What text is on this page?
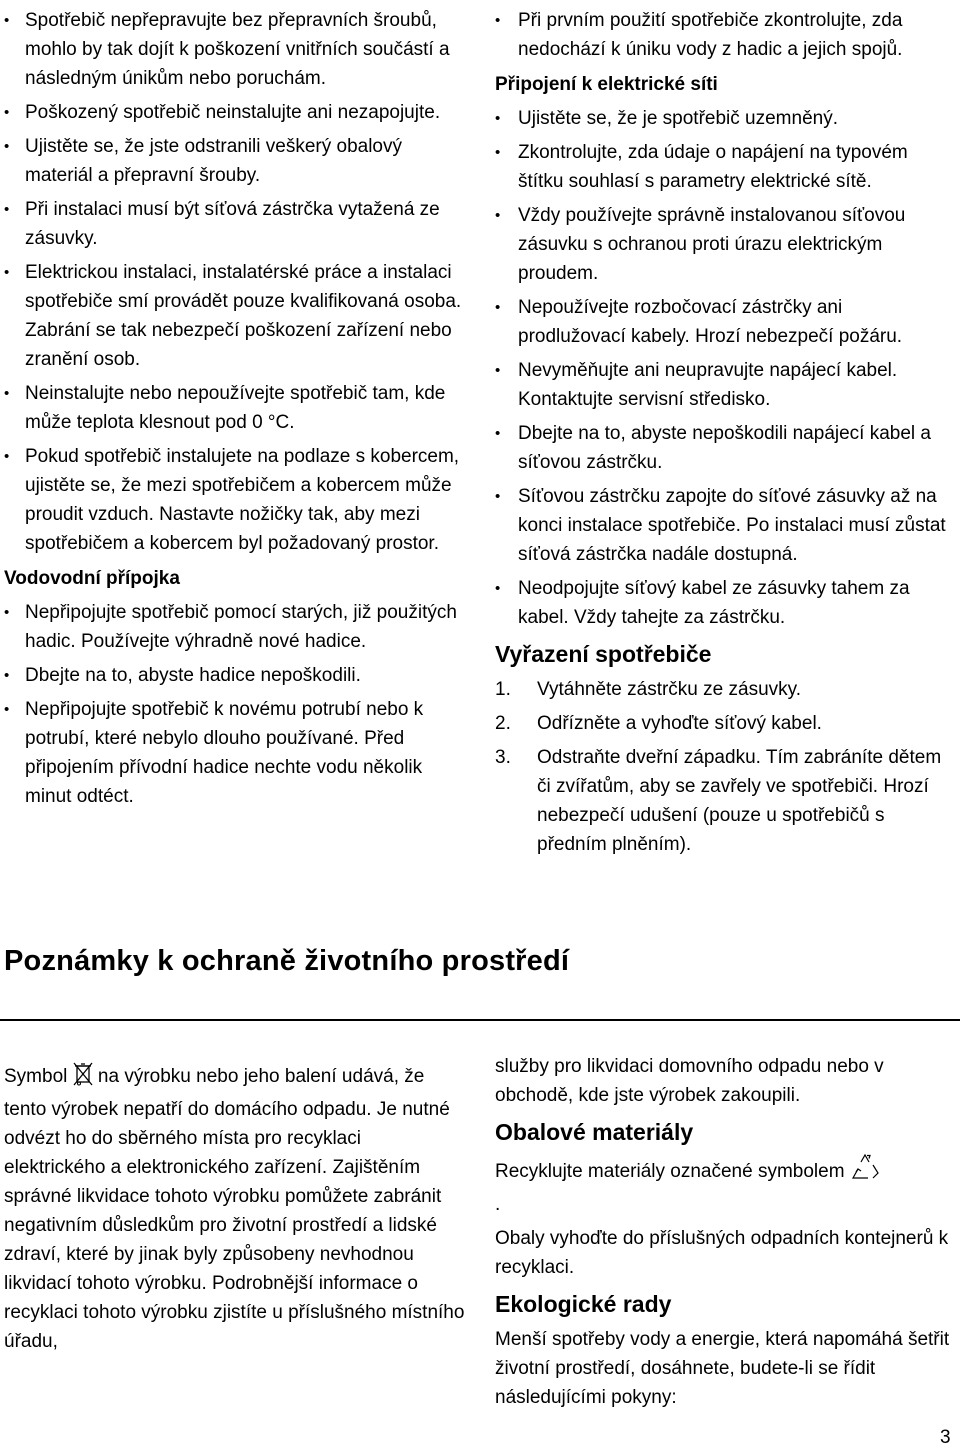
• Spotřebič nepřepravujte bez přepravních šroubů, mohlo by tak dojít k poškození vnitřních součástí a následným únikům nebo poruchám.
• Poškozený spotřebič neinstalujte ani nezapojujte.
• Ujistěte se, že jste odstranili veškerý obalový materiál a přepravní šrouby.
• Při instalaci musí být síťová zástrčka vytažená ze zásuvky.
• Elektrickou instalaci, instalatérské práce a instalaci spotřebiče smí provádět pouze kvalifikovaná osoba. Zabrání se tak nebezpečí poškození zařízení nebo zranění osob.
• Neinstalujte nebo nepoužívejte spotřebič tam, kde může teplota klesnout pod 0 °C.
• Pokud spotřebič instalujete na podlaze s kobercem, ujistěte se, že mezi spotřebičem a kobercem může proudit vzduch. Nastavte nožičky tak, aby mezi spotřebičem a kobercem byl požadovaný prostor.
Vodovodní přípojka
• Nepřipojujte spotřebič pomocí starých, již použitých hadic. Používejte výhradně nové hadice.
• Dbejte na to, abyste hadice nepoškodili.
• Nepřipojujte spotřebič k novému potrubí nebo k potrubí, které nebylo dlouho používané. Před připojením přívodní hadice nechte vodu několik minut odtéct.
• Při prvním použití spotřebiče zkontrolujte, zda nedochází k úniku vody z hadic a jejich spojů.
Připojení k elektrické síti
• Ujistěte se, že je spotřebič uzemněný.
• Zkontrolujte, zda údaje o napájení na typovém štítku souhlasí s parametry elektrické sítě.
• Vždy používejte správně instalovanou síťovou zásuvku s ochranou proti úrazu elektrickým proudem.
• Nepoužívejte rozbočovací zástrčky ani prodlužovací kabely. Hrozí nebezpečí požáru.
• Nevyměňujte ani neupravujte napájecí kabel. Kontaktujte servisní středisko.
• Dbejte na to, abyste nepoškodili napájecí kabel a síťovou zástrčku.
• Síťovou zástrčku zapojte do síťové zásuvky až na konci instalace spotřebiče. Po instalaci musí zůstat síťová zástrčka nadále dostupná.
• Neodpojujte síťový kabel ze zásuvky tahem za kabel. Vždy tahejte za zástrčku.
Vyřazení spotřebiče
1. Vytáhněte zástrčku ze zásuvky.
2. Odřízněte a vyhoďte síťový kabel.
3. Odstraňte dveřní západku. Tím zabráníte dětem či zvířatům, aby se zavřely ve spotřebiči. Hrozí nebezpečí udušení (pouze u spotřebičů s předním plněním).
Poznámky k ochraně životního prostředí

Symbol na výrobku nebo jeho balení udává, že tento výrobek nepatří do domácího odpadu. Je nutné odvézt ho do sběrného místa pro recyklaci elektrického a elektronického zařízení. Zajištěním správné likvidace tohoto výrobku pomůžete zabránit negativním důsledkům pro životní prostředí a lidské zdraví, které by jinak byly způsobeny nevhodnou likvidací tohoto výrobku. Podrobnější informace o recyklaci tohoto výrobku zjistíte u příslušného místního úřadu,

služby pro likvidaci domovního odpadu nebo v obchodě, kde jste výrobek zakoupili.

Obalové materiály

Recyklujte materiály označené symbolem
.

Obaly vyhoďte do příslušných odpadních kontejnerů k recyklaci.

Ekologické rady

Menší spotřeby vody a energie, která napomáhá šetřit životní prostředí, dosáhnete, budete-li se řídit následujícími pokyny:

3
